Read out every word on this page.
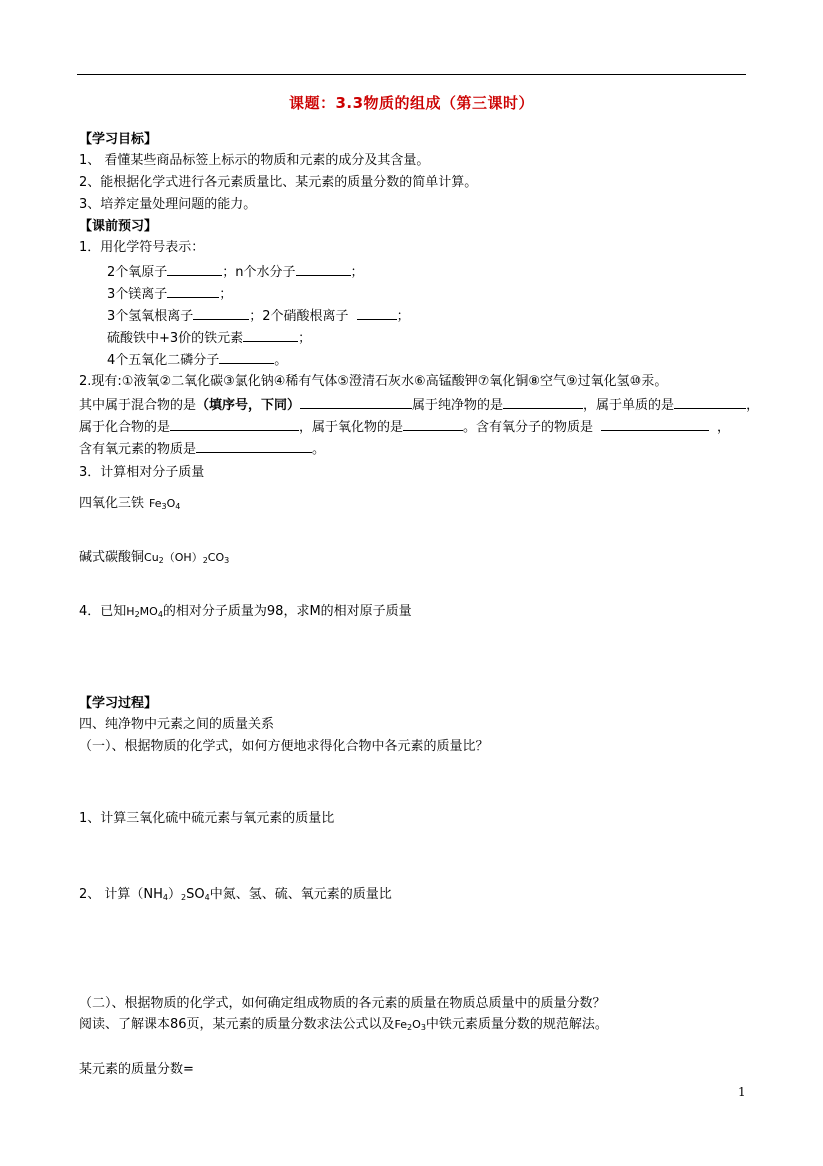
课题：3.3物质的组成（第三课时）
【学习目标】
1、 看懂某些商品标签上标示的物质和元素的成分及其含量。
2、能根据化学式进行各元素质量比、某元素的质量分数的简单计算。
3、培养定量处理问题的能力。
【课前预习】
1．用化学符号表示：
2个氧原子	；n个水分子	；
3个镁离子	；
3个氢氧根离子	；2个硝酸根离子	；
硫酸铁中+3价的铁元素	；
4个五氧化二磷分子	。
2.现有:①液氧②二氧化碳③氯化钠④稀有气体⑤澄清石灰水⑥高锰酸钾⑦氧化铜⑧空气⑨过氧化氢⑩汞。
其中属于混合物的是（填序号，下同）	属于纯净物的是	，属于单质的是	，
属于化合物的是	，属于氧化物的是	。含有氧分子的物质是	，
含有氧元素的物质是	。
3．计算相对分子质量
四氧化三铁 $Fe_3O_4$
碱式碳酸铜$Cu_2(OH)_2CO_3$
4．已知$H_2MO_4$的相对分子质量为98，求M的相对原子质量
【学习过程】
四、纯净物中元素之间的质量关系
（一）、根据物质的化学式，如何方便地求得化合物中各元素的质量比？
1、计算三氧化硫中硫元素与氧元素的质量比
2、 计算$(NH_4)_2SO_4$中氮、氢、硫、氧元素的质量比
（二）、根据物质的化学式，如何确定组成物质的各元素的质量在物质总质量中的质量分数？
阅读、了解课本86页，某元素的质量分数求法公式以及$Fe_2O_3$中铁元素质量分数的规范解法。
某元素的质量分数=
1
